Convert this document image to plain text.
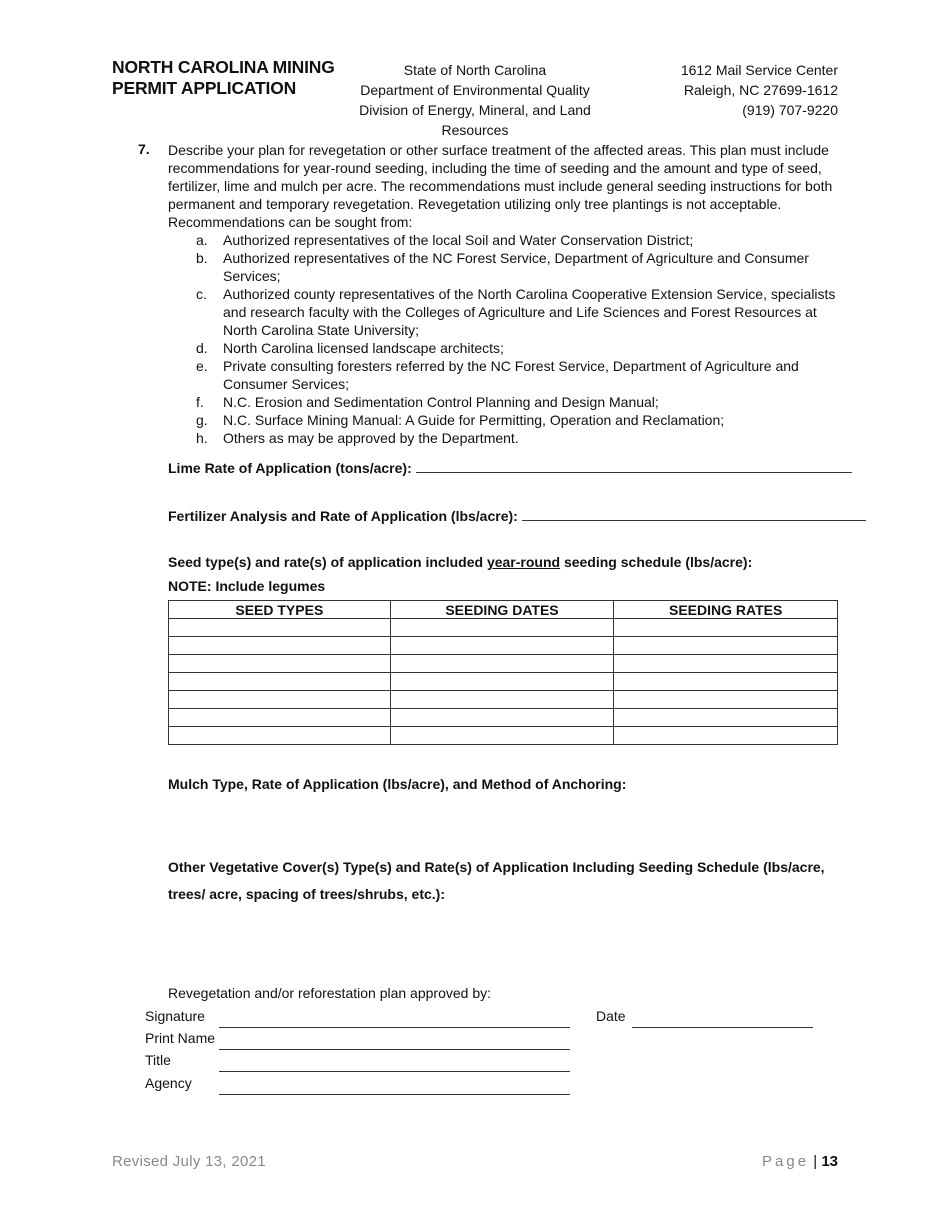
NORTH CAROLINA MINING
PERMIT APPLICATION
State of North Carolina
Department of Environmental Quality
Division of Energy, Mineral, and Land Resources
1612 Mail Service Center
Raleigh, NC 27699-1612
(919) 707-9220
7. Describe your plan for revegetation or other surface treatment of the affected areas. This plan must include recommendations for year-round seeding, including the time of seeding and the amount and type of seed, fertilizer, lime and mulch per acre. The recommendations must include general seeding instructions for both permanent and temporary revegetation. Revegetation utilizing only tree plantings is not acceptable. Recommendations can be sought from:
a.	Authorized representatives of the local Soil and Water Conservation District;
b.	Authorized representatives of the NC Forest Service, Department of Agriculture and Consumer Services;
c.	Authorized county representatives of the North Carolina Cooperative Extension Service, specialists and research faculty with the Colleges of Agriculture and Life Sciences and Forest Resources at North Carolina State University;
d.	North Carolina licensed landscape architects;
e.	Private consulting foresters referred by the NC Forest Service, Department of Agriculture and Consumer Services;
f.	N.C. Erosion and Sedimentation Control Planning and Design Manual;
g.	N.C. Surface Mining Manual: A Guide for Permitting, Operation and Reclamation;
h.	Others as may be approved by the Department.
Lime Rate of Application (tons/acre):
Fertilizer Analysis and Rate of Application (lbs/acre):
Seed type(s) and rate(s) of application included year-round seeding schedule (lbs/acre):
NOTE: Include legumes
SEED TYPES	SEEDING DATES	SEEDING RATES

Mulch Type, Rate of Application (lbs/acre), and Method of Anchoring:
Other Vegetative Cover(s) Type(s) and Rate(s) of Application Including Seeding Schedule (lbs/acre, trees/ acre, spacing of trees/shrubs, etc.):
Revegetation and/or reforestation plan approved by:
Signature	Date
Print Name
Title
Agency
Revised July 13, 2021	Page | 13
